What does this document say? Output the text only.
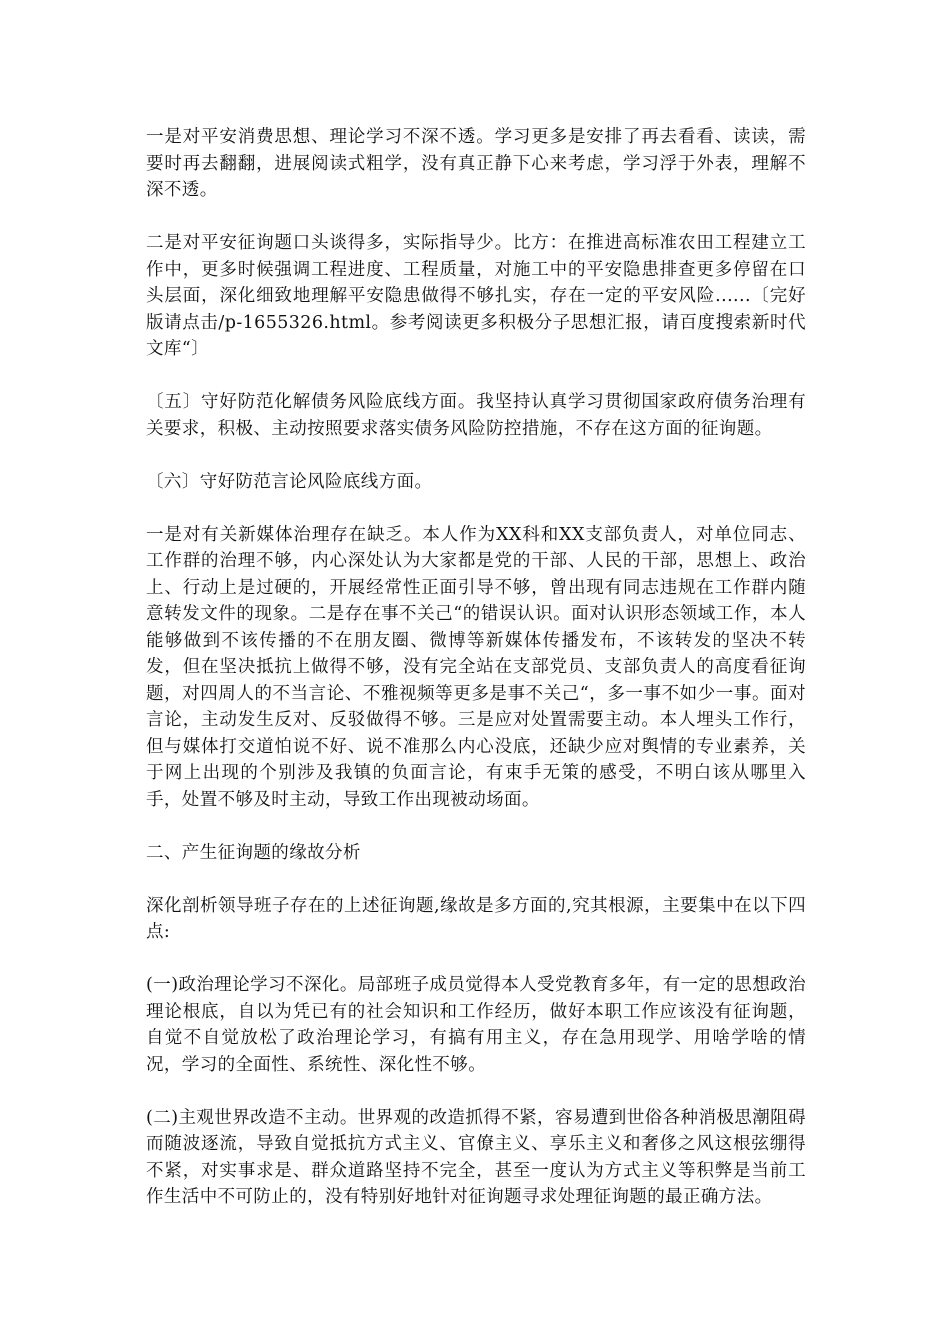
一是对平安消费思想、理论学习不深不透。学习更多是安排了再去看看、读读，需要时再去翻翻，进展阅读式粗学，没有真正静下心来考虑，学习浮于外表，理解不深不透。

二是对平安征询题口头谈得多，实际指导少。比方：在推进高标准农田工程建立工作中，更多时候强调工程进度、工程质量，对施工中的平安隐患排查更多停留在口头层面，深化细致地理解平安隐患做得不够扎实，存在一定的平安风险......〔完好版请点击/p-1655326.html。参考阅读更多积极分子思想汇报，请百度搜索新时代文库“〕

〔五〕守好防范化解债务风险底线方面。我坚持认真学习贯彻国家政府债务治理有关要求，积极、主动按照要求落实债务风险防控措施，不存在这方面的征询题。

〔六〕守好防范言论风险底线方面。

一是对有关新媒体治理存在缺乏。本人作为XX科和XX支部负责人，对单位同志、工作群的治理不够，内心深处认为大家都是党的干部、人民的干部，思想上、政治上、行动上是过硬的，开展经常性正面引导不够，曾出现有同志违规在工作群内随意转发文件的现象。二是存在事不关己“的错误认识。面对认识形态领域工作，本人能够做到不该传播的不在朋友圈、微博等新媒体传播发布，不该转发的坚决不转发，但在坚决抵抗上做得不够，没有完全站在支部党员、支部负责人的高度看征询题，对四周人的不当言论、不雅视频等更多是事不关己“，多一事不如少一事。面对言论，主动发生反对、反驳做得不够。三是应对处置需要主动。本人埋头工作行，但与媒体打交道怕说不好、说不准那么内心没底，还缺少应对舆情的专业素养，关于网上出现的个别涉及我镇的负面言论，有束手无策的感受，不明白该从哪里入手，处置不够及时主动，导致工作出现被动场面。

二、产生征询题的缘故分析

深化剖析领导班子存在的上述征询题,缘故是多方面的,究其根源，主要集中在以下四点:

(一)政治理论学习不深化。局部班子成员觉得本人受党教育多年，有一定的思想政治理论根底，自以为凭已有的社会知识和工作经历，做好本职工作应该没有征询题，自觉不自觉放松了政治理论学习，有搞有用主义，存在急用现学、用啥学啥的情况，学习的全面性、系统性、深化性不够。

(二)主观世界改造不主动。世界观的改造抓得不紧，容易遭到世俗各种消极思潮阻碍而随波逐流，导致自觉抵抗方式主义、官僚主义、享乐主义和奢侈之风这根弦绷得不紧，对实事求是、群众道路坚持不完全，甚至一度认为方式主义等积弊是当前工作生活中不可防止的，没有特别好地针对征询题寻求处理征询题的最正确方法。
